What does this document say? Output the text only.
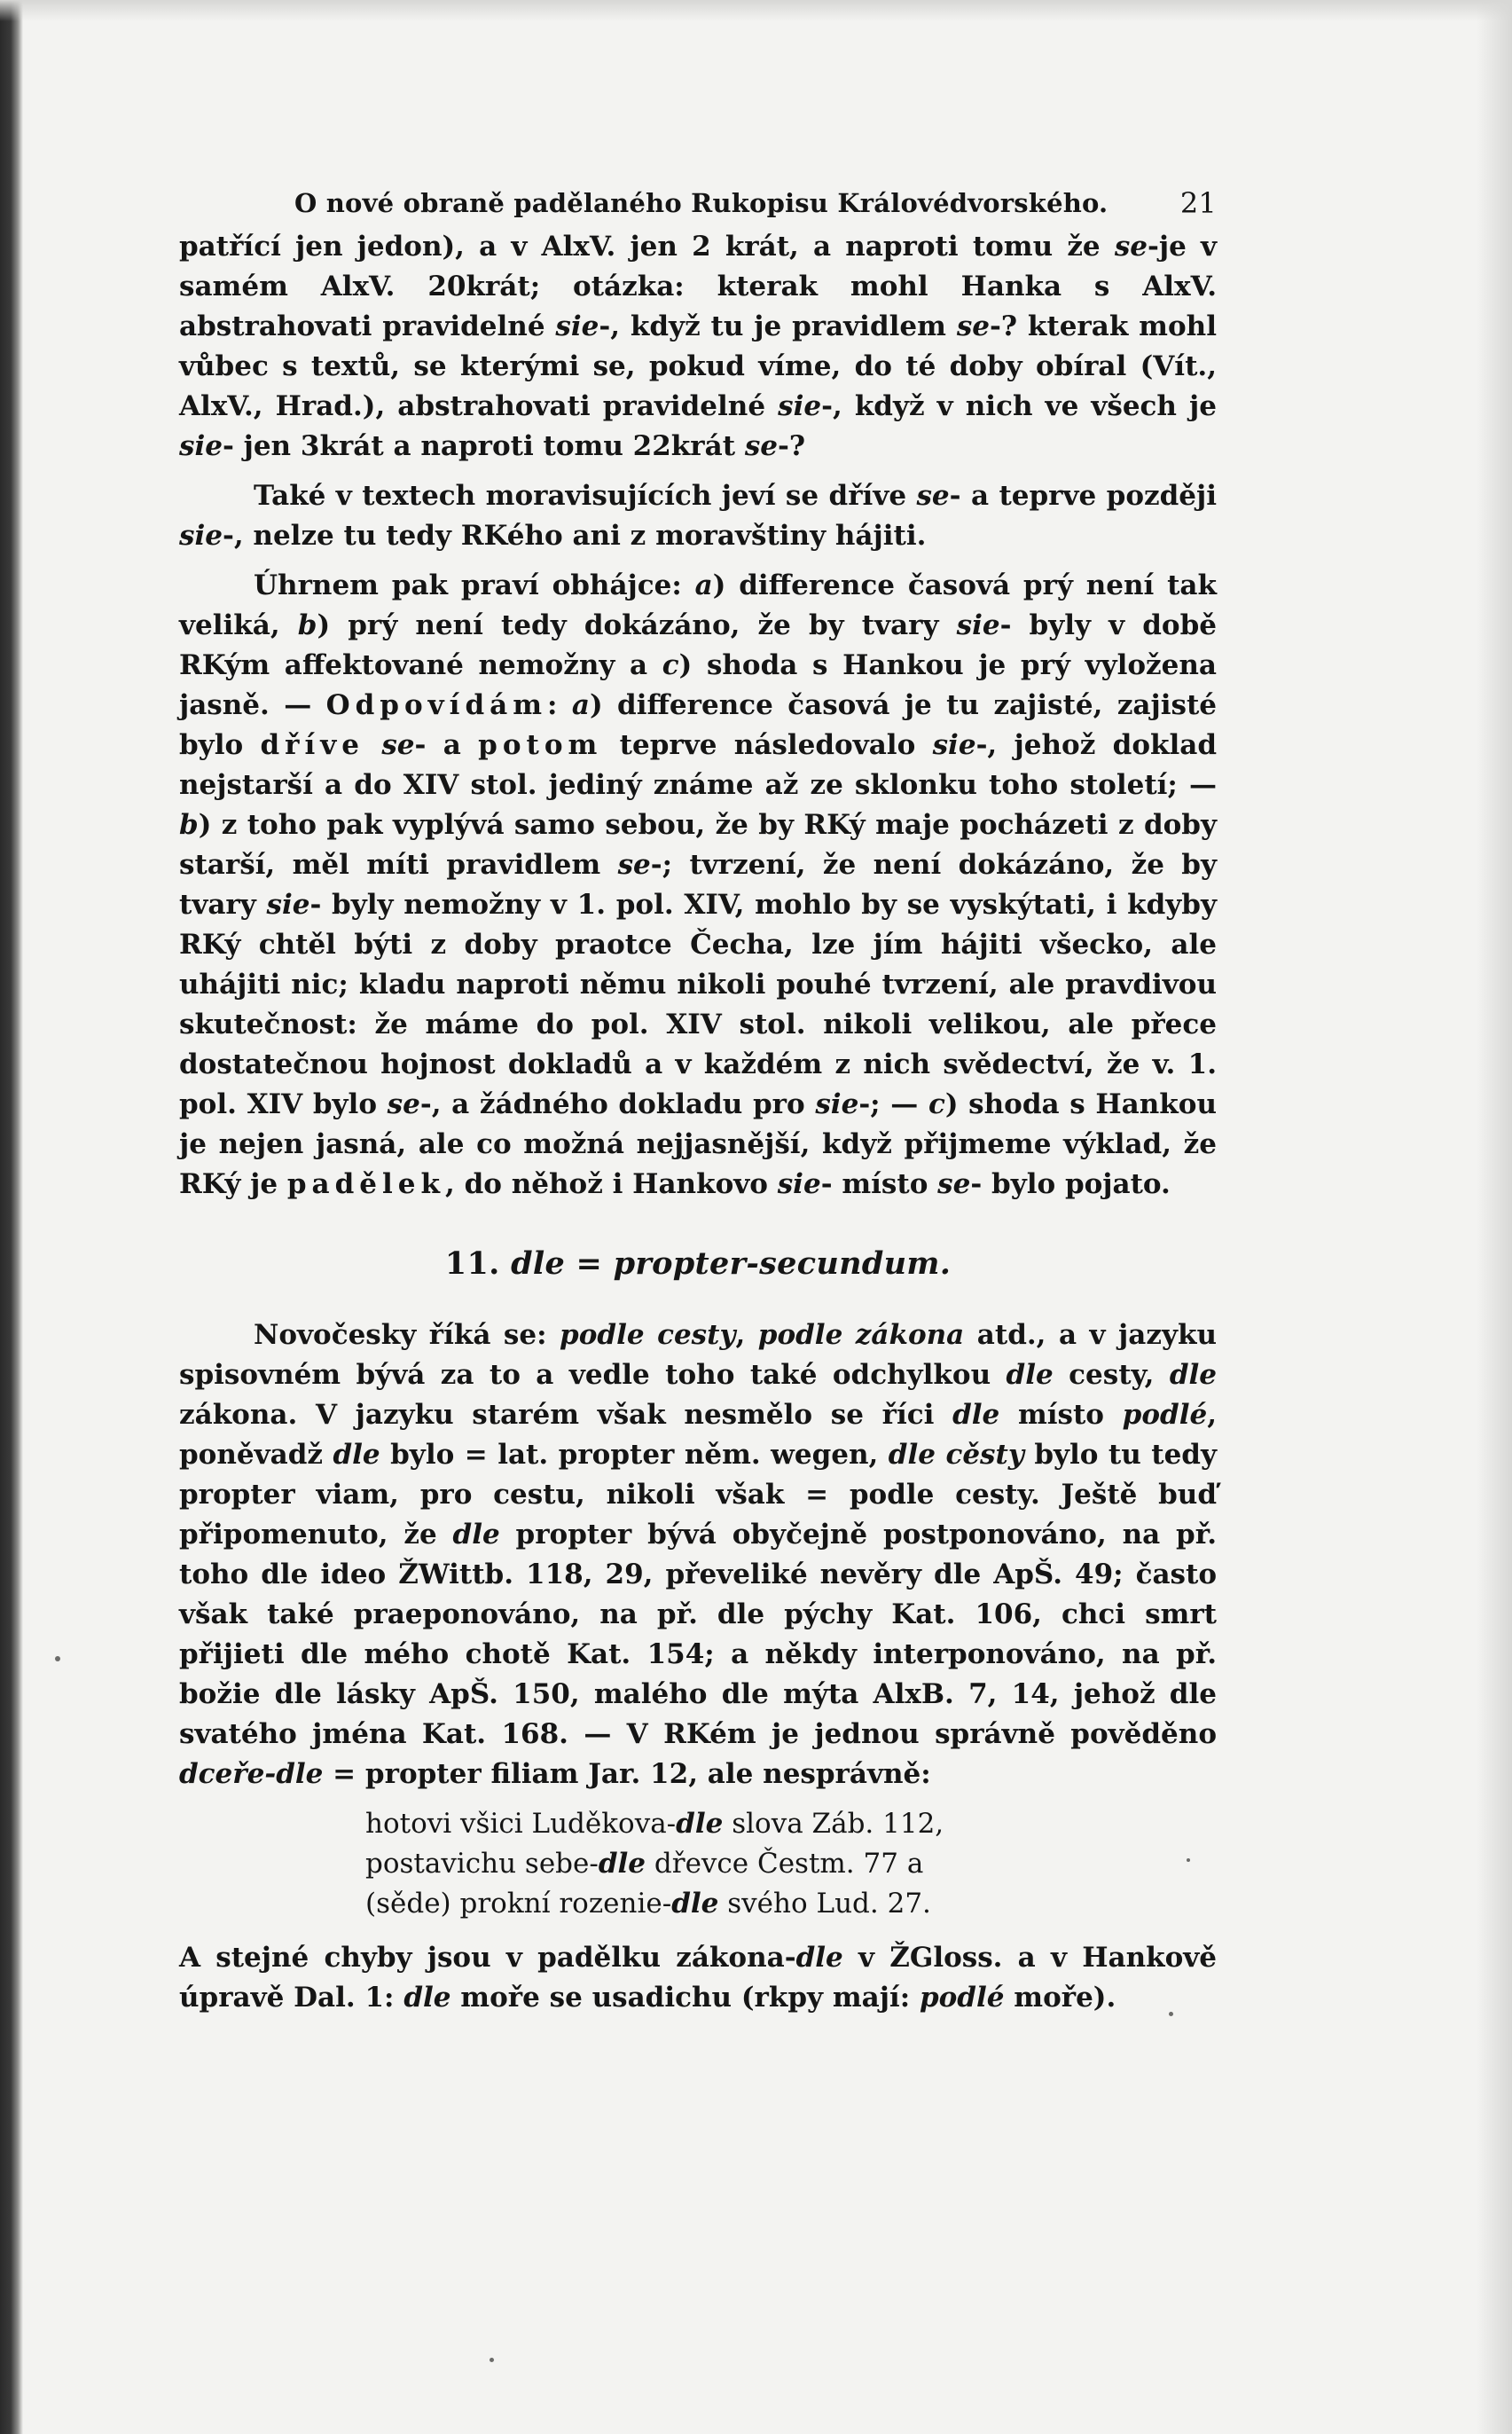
O nové obraně padělaného Rukopisu Královédvorského.	21

patřící jen jedon), a v AlxV. jen 2 krát, a naproti tomu že se-je v samém AlxV. 20krát; otázka: kterak mohl Hanka s AlxV. abstrahovati pravidelné sie-, když tu je pravidlem se-? kterak mohl vůbec s textů, se kterými se, pokud víme, do té doby obíral (Vít., AlxV., Hrad.), abstrahovati pravidelné sie-, když v nich ve všech je sie- jen 3krát a naproti tomu 22krát se-?

Také v textech moravisujících jeví se dříve se- a teprve později sie-, nelze tu tedy RKého ani z moravštiny hájiti.

Úhrnem pak praví obhájce: a) difference časová prý není tak veliká, b) prý není tedy dokázáno, že by tvary sie- byly v době RKým affektované nemožny a c) shoda s Hankou je prý vyložena jasně. — Odpovídám: a) difference časová je tu zajisté, zajisté bylo dříve se- a potom teprve následovalo sie-, jehož doklad nejstarší a do XIV stol. jediný známe až ze sklonku toho století; — b) z toho pak vyplývá samo sebou, že by RKý maje pocházeti z doby starší, měl míti pravidlem se-; tvrzení, že není dokázáno, že by tvary sie- byly nemožny v 1. pol. XIV, mohlo by se vyskýtati, i kdyby RKý chtěl býti z doby praotce Čecha, lze jím hájiti všecko, ale uhájiti nic; kladu naproti němu nikoli pouhé tvrzení, ale pravdivou skutečnost: že máme do pol. XIV stol. nikoli velikou, ale přece dostatečnou hojnost dokladů a v každém z nich svědectví, že v. 1. pol. XIV bylo se-, a žádného dokladu pro sie-; — c) shoda s Hankou je nejen jasná, ale co možná nejjasnější, když přijmeme výklad, že RKý je padělek, do něhož i Hankovo sie- místo se- bylo pojato.

11. dle = propter-secundum.

Novočesky říká se: podle cesty, podle zákona atd., a v jazyku spisovném bývá za to a vedle toho také odchylkou dle cesty, dle zákona. V jazyku starém však nesmělo se říci dle místo podlé, poněvadž dle bylo = lat. propter něm. wegen, dle cěsty bylo tu tedy propter viam, pro cestu, nikoli však = podle cesty. Ještě buď připomenuto, že dle propter bývá obyčejně postponováno, na př. toho dle ideo ŽWittb. 118, 29, převeliké nevěry dle ApŠ. 49; často však také praeponováno, na př. dle pýchy Kat. 106, chci smrt přijieti dle mého chotě Kat. 154; a někdy interponováno, na př. božie dle lásky ApŠ. 150, malého dle mýta AlxB. 7, 14, jehož dle svatého jména Kat. 168. — V RKém je jednou správně pověděno dceře-dle = propter filiam Jar. 12, ale nesprávně:

hotovi všici Luděkova-dle slova Záb. 112,
postavichu sebe-dle dřevce Čestm. 77 a
(sěde) prokní rozenie-dle svého Lud. 27.

A stejné chyby jsou v padělku zákona-dle v ŽGloss. a v Hankově úpravě Dal. 1: dle moře se usadichu (rkpy mají: podlé moře).
